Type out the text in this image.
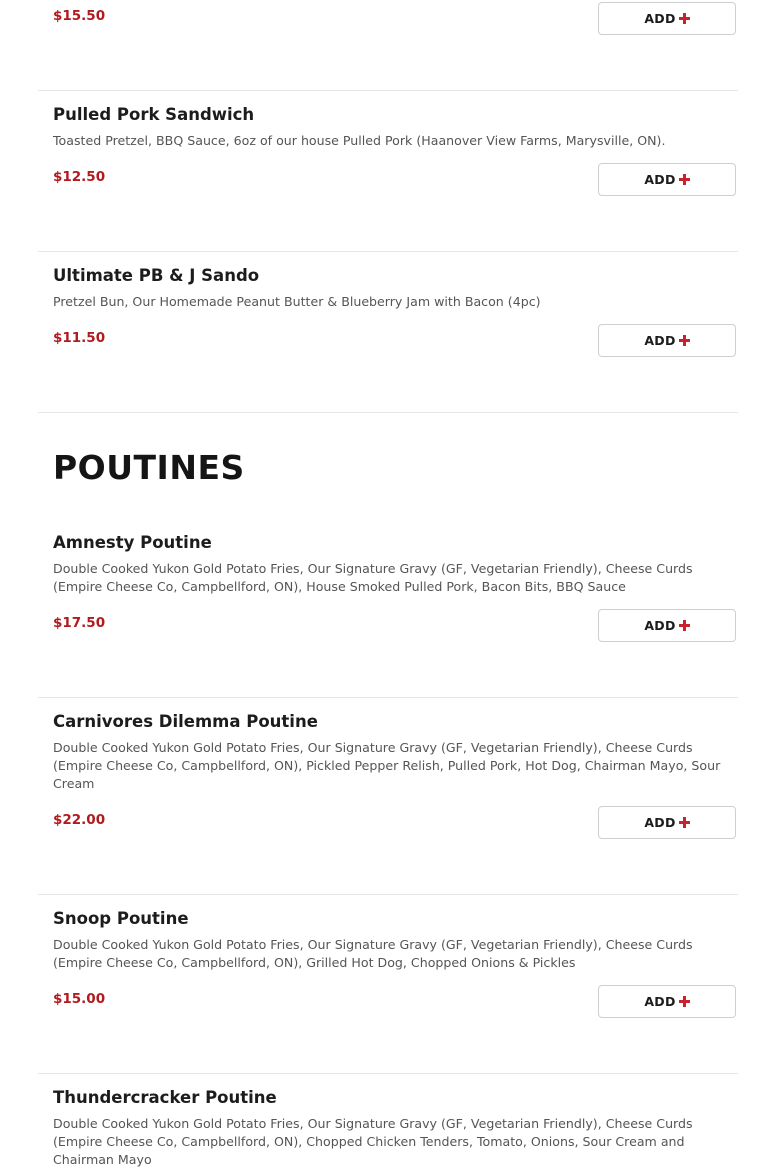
$15.50	ADD
Pulled Pork Sandwich
Toasted Pretzel, BBQ Sauce, 6oz of our house Pulled Pork (Haanover View Farms, Marysville, ON).
$12.50	ADD
Ultimate PB & J Sando
Pretzel Bun, Our Homemade Peanut Butter & Blueberry Jam with Bacon (4pc)
$11.50	ADD
POUTINES
Amnesty Poutine
Double Cooked Yukon Gold Potato Fries, Our Signature Gravy (GF, Vegetarian Friendly), Cheese Curds (Empire Cheese Co, Campbellford, ON), House Smoked Pulled Pork, Bacon Bits, BBQ Sauce
$17.50	ADD
Carnivores Dilemma Poutine
Double Cooked Yukon Gold Potato Fries, Our Signature Gravy (GF, Vegetarian Friendly), Cheese Curds (Empire Cheese Co, Campbellford, ON), Pickled Pepper Relish, Pulled Pork, Hot Dog, Chairman Mayo, Sour Cream
$22.00	ADD
Snoop Poutine
Double Cooked Yukon Gold Potato Fries, Our Signature Gravy (GF, Vegetarian Friendly), Cheese Curds (Empire Cheese Co, Campbellford, ON), Grilled Hot Dog, Chopped Onions & Pickles
$15.00	ADD
Thundercracker Poutine
Double Cooked Yukon Gold Potato Fries, Our Signature Gravy (GF, Vegetarian Friendly), Cheese Curds (Empire Cheese Co, Campbellford, ON), Chopped Chicken Tenders, Tomato, Onions, Sour Cream and Chairman Mayo
